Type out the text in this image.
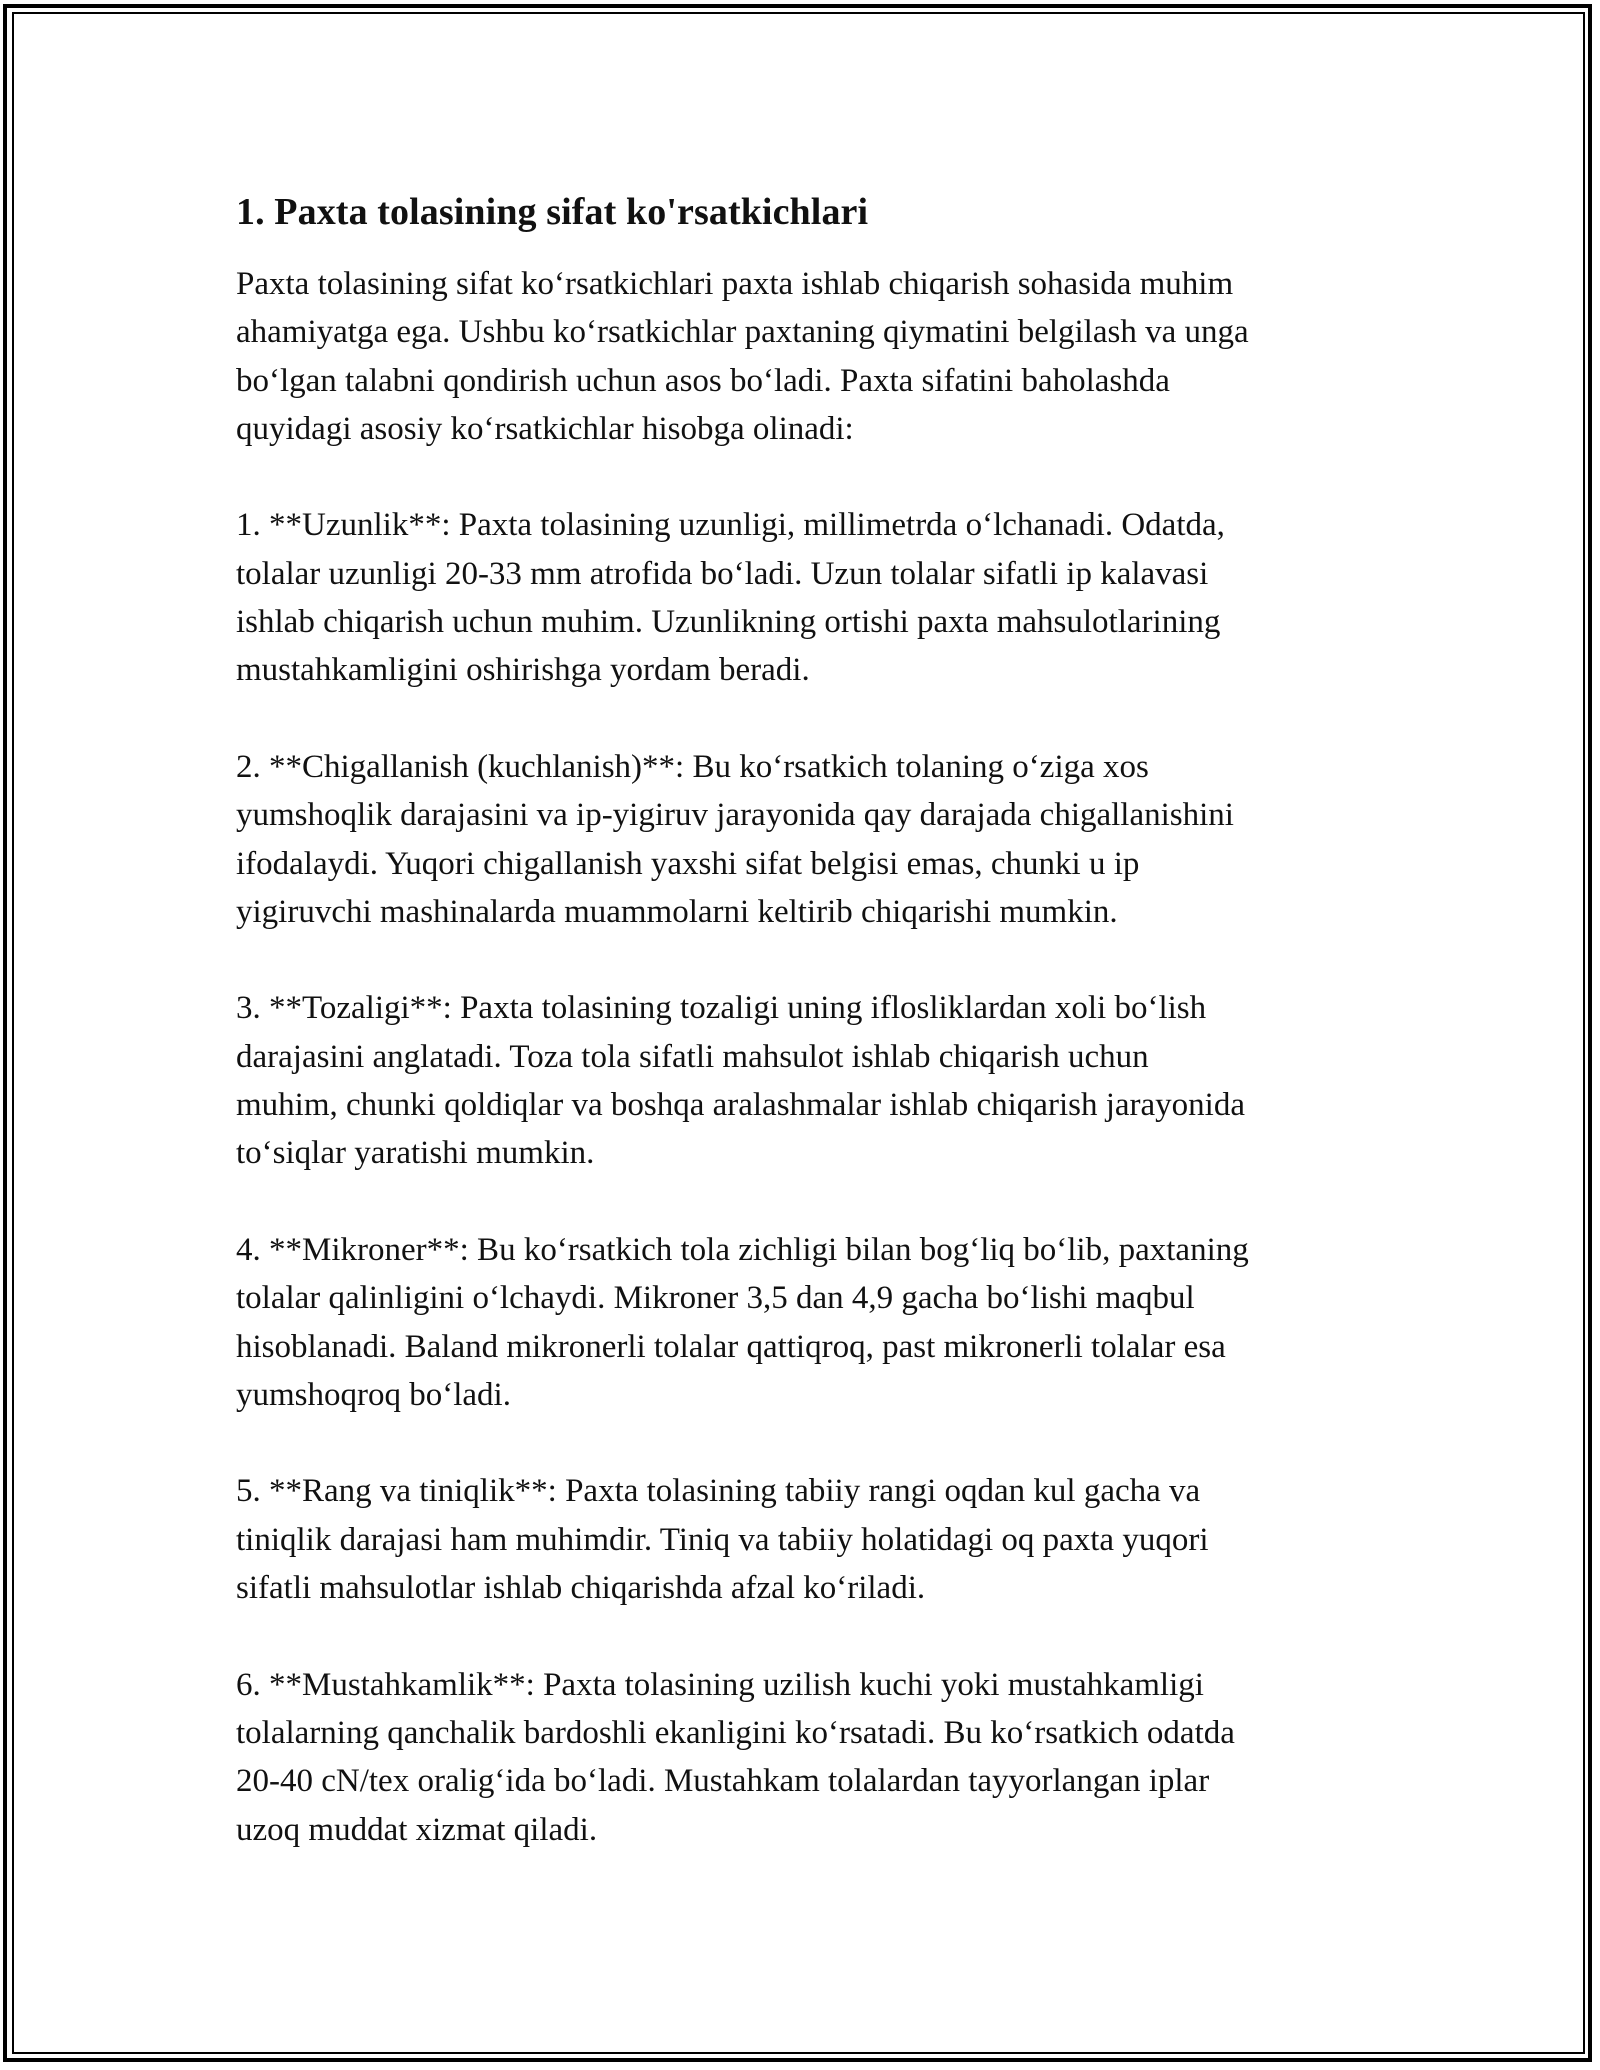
1. Paxta tolasining sifat ko'rsatkichlari

Paxta tolasining sifat koʻrsatkichlari paxta ishlab chiqarish sohasida muhim
ahamiyatga ega. Ushbu koʻrsatkichlar paxtaning qiymatini belgilash va unga
boʻlgan talabni qondirish uchun asos boʻladi. Paxta sifatini baholashda
quyidagi asosiy koʻrsatkichlar hisobga olinadi:

1. **Uzunlik**: Paxta tolasining uzunligi, millimetrda oʻlchanadi. Odatda,
tolalar uzunligi 20-33 mm atrofida boʻladi. Uzun tolalar sifatli ip kalavasi
ishlab chiqarish uchun muhim. Uzunlikning ortishi paxta mahsulotlarining
mustahkamligini oshirishga yordam beradi.

2. **Chigallanish (kuchlanish)**: Bu koʻrsatkich tolaning oʻziga xos
yumshoqlik darajasini va ip-yigiruv jarayonida qay darajada chigallanishini
ifodalaydi. Yuqori chigallanish yaxshi sifat belgisi emas, chunki u ip
yigiruvchi mashinalarda muammolarni keltirib chiqarishi mumkin.

3. **Tozaligi**: Paxta tolasining tozaligi uning iflosliklardan xoli boʻlish
darajasini anglatadi. Toza tola sifatli mahsulot ishlab chiqarish uchun
muhim, chunki qoldiqlar va boshqa aralashmalar ishlab chiqarish jarayonida
toʻsiqlar yaratishi mumkin.

4. **Mikroner**: Bu koʻrsatkich tola zichligi bilan bogʻliq boʻlib, paxtaning
tolalar qalinligini oʻlchaydi. Mikroner 3,5 dan 4,9 gacha boʻlishi maqbul
hisoblanadi. Baland mikronerli tolalar qattiqroq, past mikronerli tolalar esa
yumshoqroq boʻladi.

5. **Rang va tiniqlik**: Paxta tolasining tabiiy rangi oqdan kul gacha va
tiniqlik darajasi ham muhimdir. Tiniq va tabiiy holatidagi oq paxta yuqori
sifatli mahsulotlar ishlab chiqarishda afzal koʻriladi.

6. **Mustahkamlik**: Paxta tolasining uzilish kuchi yoki mustahkamligi
tolalarning qanchalik bardoshli ekanligini koʻrsatadi. Bu koʻrsatkich odatda
20-40 cN/tex oraligʻida boʻladi. Mustahkam tolalardan tayyorlangan iplar
uzoq muddat xizmat qiladi.
